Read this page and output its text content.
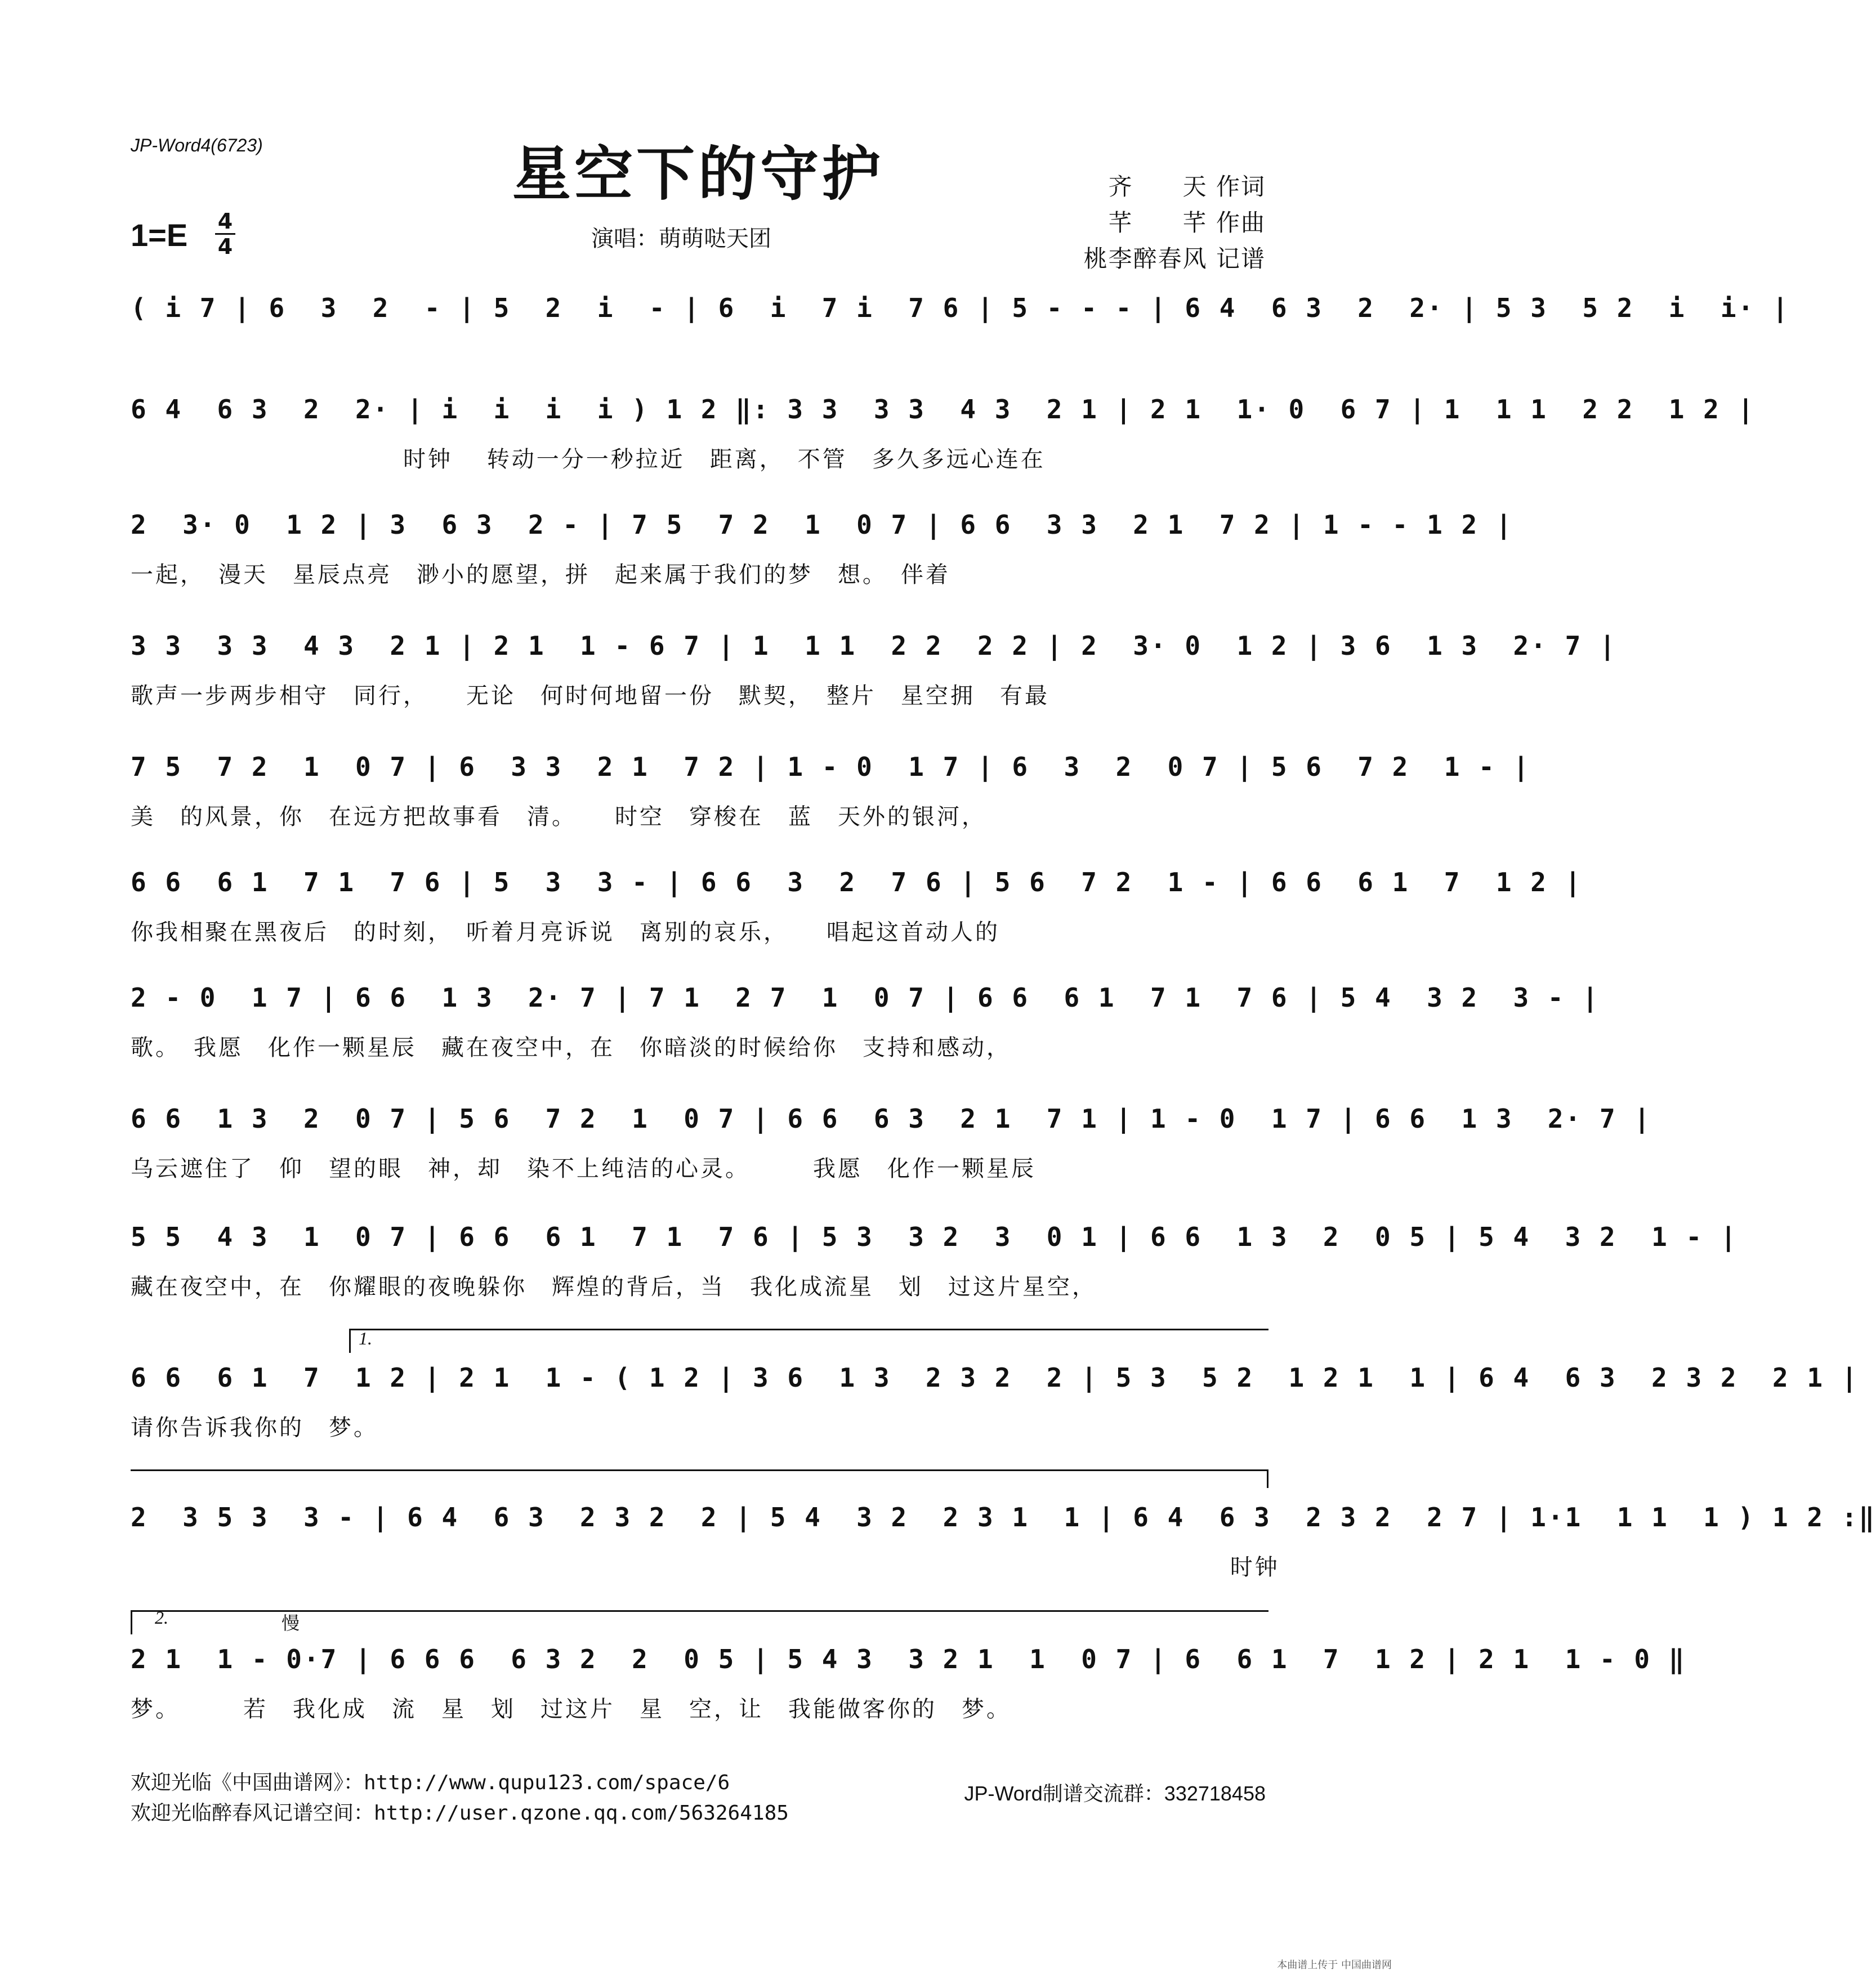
JP-Word4(6723)	星空下的守护
1=E 4
4	演唱：萌萌哒天团
齐　　天 作词
芊　　芊 作曲
桃李醉春风 记谱
( i 7 | 6  3  2  - | 5  2  i  - | 6  i  7 i  7 6 | 5 - - - | 6 4  6 3  2  2· | 5 3  5 2  i  i· |
6 4  6 3  2  2· | i  i  i  i ) 1 2 ‖: 3 3  3 3  4 3  2 1 | 2 1  1· 0  6 7 | 1  1 1  2 2  1 2 |
　　　　　　　　　　　时钟　 转动一分一秒拉近　距离，　不管　多久多远心连在
2  3· 0  1 2 | 3  6 3  2 - | 7 5  7 2  1  0 7 | 6 6  3 3  2 1  7 2 | 1 - - 1 2 |
一起，　漫天　星辰点亮　渺小的愿望，拼　起来属于我们的梦　想。　伴着
3 3  3 3  4 3  2 1 | 2 1  1 - 6 7 | 1  1 1  2 2  2 2 | 2  3· 0  1 2 | 3 6  1 3  2· 7 |
歌声一步两步相守　同行，　　无论　何时何地留一份　默契，　整片　星空拥　有最
7 5  7 2  1  0 7 | 6  3 3  2 1  7 2 | 1 - 0  1 7 | 6  3  2  0 7 | 5 6  7 2  1 - |
美　的风景，你　在远方把故事看　清。　　时空　穿梭在　蓝　天外的银河，
6 6  6 1  7 1  7 6 | 5  3  3 - | 6 6  3  2  7 6 | 5 6  7 2  1 - | 6 6  6 1  7  1 2 |
你我相聚在黑夜后　的时刻，　听着月亮诉说　离别的哀乐，　　唱起这首动人的
2 - 0  1 7 | 6 6  1 3  2· 7 | 7 1  2 7  1  0 7 | 6 6  6 1  7 1  7 6 | 5 4  3 2  3 - |
歌。　我愿　化作一颗星辰　藏在夜空中，在　你暗淡的时候给你　支持和感动，
6 6  1 3  2  0 7 | 5 6  7 2  1  0 7 | 6 6  6 3  2 1  7 1 | 1 - 0  1 7 | 6 6  1 3  2· 7 |
乌云遮住了　仰　望的眼　神，却　染不上纯洁的心灵。　　　我愿　化作一颗星辰
5 5  4 3  1  0 7 | 6 6  6 1  7 1  7 6 | 5 3  3 2  3  0 1 | 6 6  1 3  2  0 5 | 5 4  3 2  1 - |
藏在夜空中，在　你耀眼的夜晚躲你　辉煌的背后，当　我化成流星　划　过这片星空，
1.
6 6  6 1  7  1 2 | 2 1  1 - ( 1 2 | 3 6  1 3  2 3 2  2 | 5 3  5 2  1 2 1  1 | 6 4  6 3  2 3 2  2 1 |
请你告诉我你的　梦。
2  3 5 3  3 - | 6 4  6 3  2 3 2  2 | 5 4  3 2  2 3 1  1 | 6 4  6 3  2 3 2  2 7 | 1·1  1 1  1 ) 1 2 :‖
　　　　　　　　　　　　　　　　　　　　　　　　　　　　　　　　　　　　　　　　　　　　 时钟
2.	慢
2 1  1 - 0·7 | 6 6 6  6 3 2  2  0 5 | 5 4 3  3 2 1  1  0 7 | 6  6 1  7  1 2 | 2 1  1 - 0 ‖
梦。　　　若　我化成　流　星　划　过这片　星　空，让　我能做客你的　梦。
欢迎光临《中国曲谱网》：http://www.qupu123.com/space/6
欢迎光临醉春风记谱空间：http://user.qzone.qq.com/563264185
JP-Word制谱交流群：332718458
本曲谱上传于 中国曲谱网
